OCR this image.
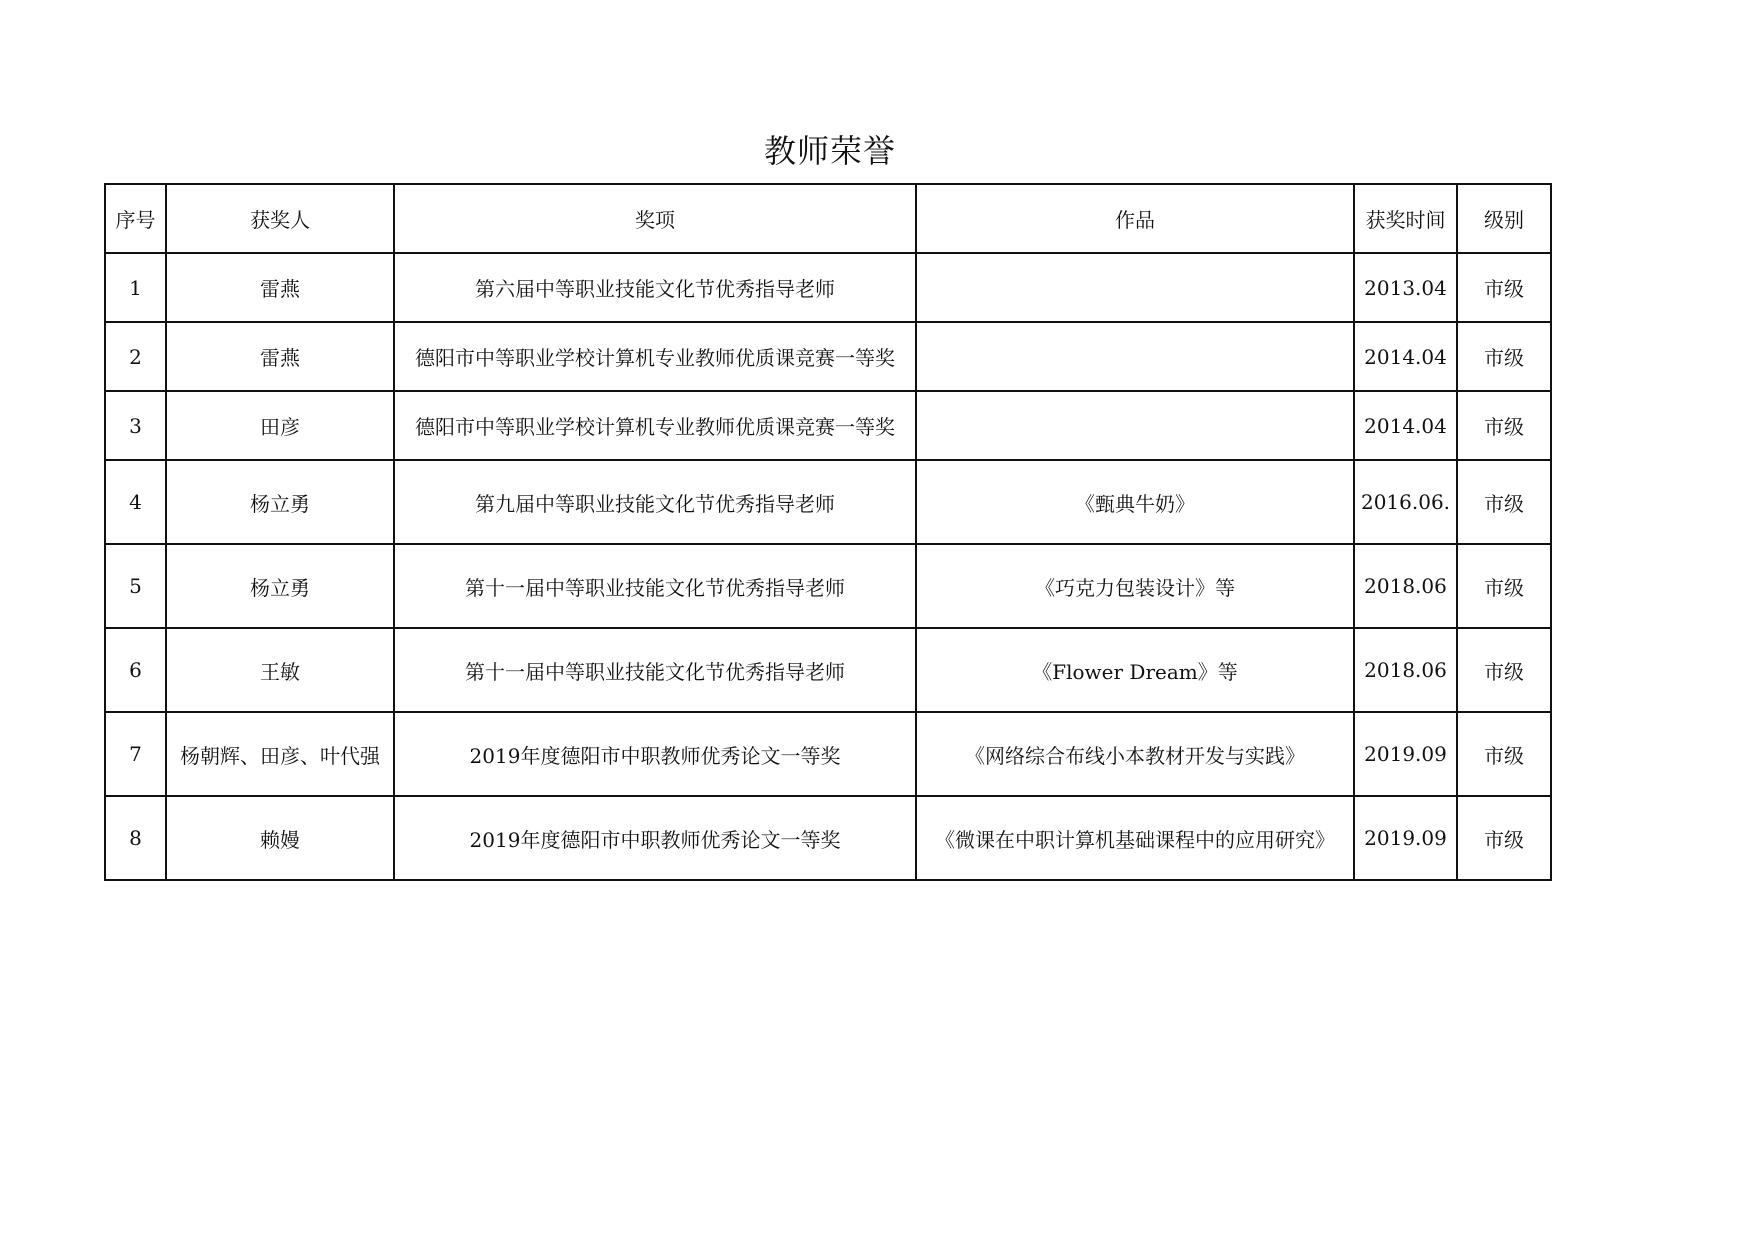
教师荣誉
序号	获奖人	奖项	作品	获奖时间	级别
1	雷燕	第六届中等职业技能文化节优秀指导老师		2013.04	市级
2	雷燕	德阳市中等职业学校计算机专业教师优质课竞赛一等奖		2014.04	市级
3	田彦	德阳市中等职业学校计算机专业教师优质课竞赛一等奖		2014.04	市级
4	杨立勇	第九届中等职业技能文化节优秀指导老师	《甄典牛奶》	2016.06.	市级
5	杨立勇	第十一届中等职业技能文化节优秀指导老师	《巧克力包装设计》等	2018.06	市级
6	王敏	第十一届中等职业技能文化节优秀指导老师	《Flower Dream》等	2018.06	市级
7	杨朝辉、田彦、叶代强	2019年度德阳市中职教师优秀论文一等奖	《网络综合布线小本教材开发与实践》	2019.09	市级
8	赖嫚	2019年度德阳市中职教师优秀论文一等奖	《微课在中职计算机基础课程中的应用研究》	2019.09	市级
